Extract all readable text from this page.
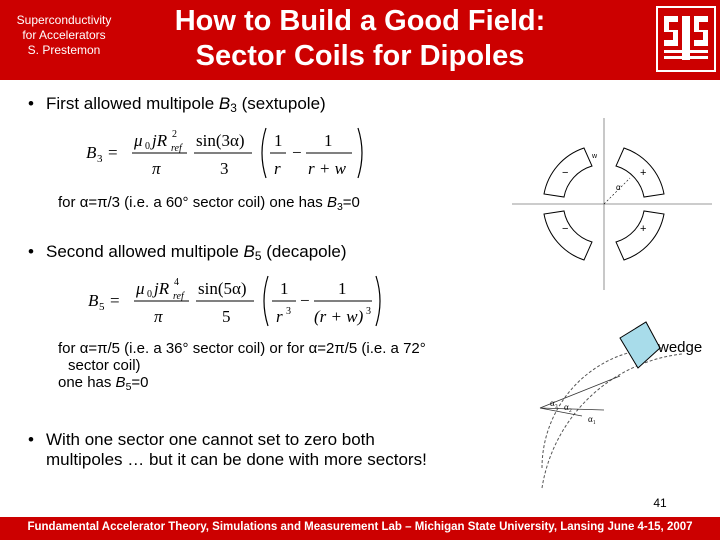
Superconductivity
for Accelerators
S. Prestemon
How to Build a Good Field:
Sector Coils for Dipoles
• First allowed multipole $B_3$ (sextupole)
B 3 =
μ 0 jR 2
ref
π
sin(3α)
3
1
r
−
1
r + w
for α=π/3 (i.e. a 60° sector coil) one has $B_3=0$
• Second allowed multipole $B_5$ (decapole)
B 5 =
μ 0 jR 4
ref
π
sin(5α)
5
1
r 3
−
1
(r + w) 3
for α=π/5 (i.e. a 36° sector coil) or for α=2π/5 (i.e. a 72°
sector coil)
one has $B_5=0$
• With one sector one cannot set to zero both
multipoles … but it can be done with more sectors!
α
w
+
+
−
−
α₃ α₂
α₁
wedge
41
Fundamental Accelerator Theory, Simulations and Measurement Lab – Michigan State University, Lansing June 4-15, 2007
